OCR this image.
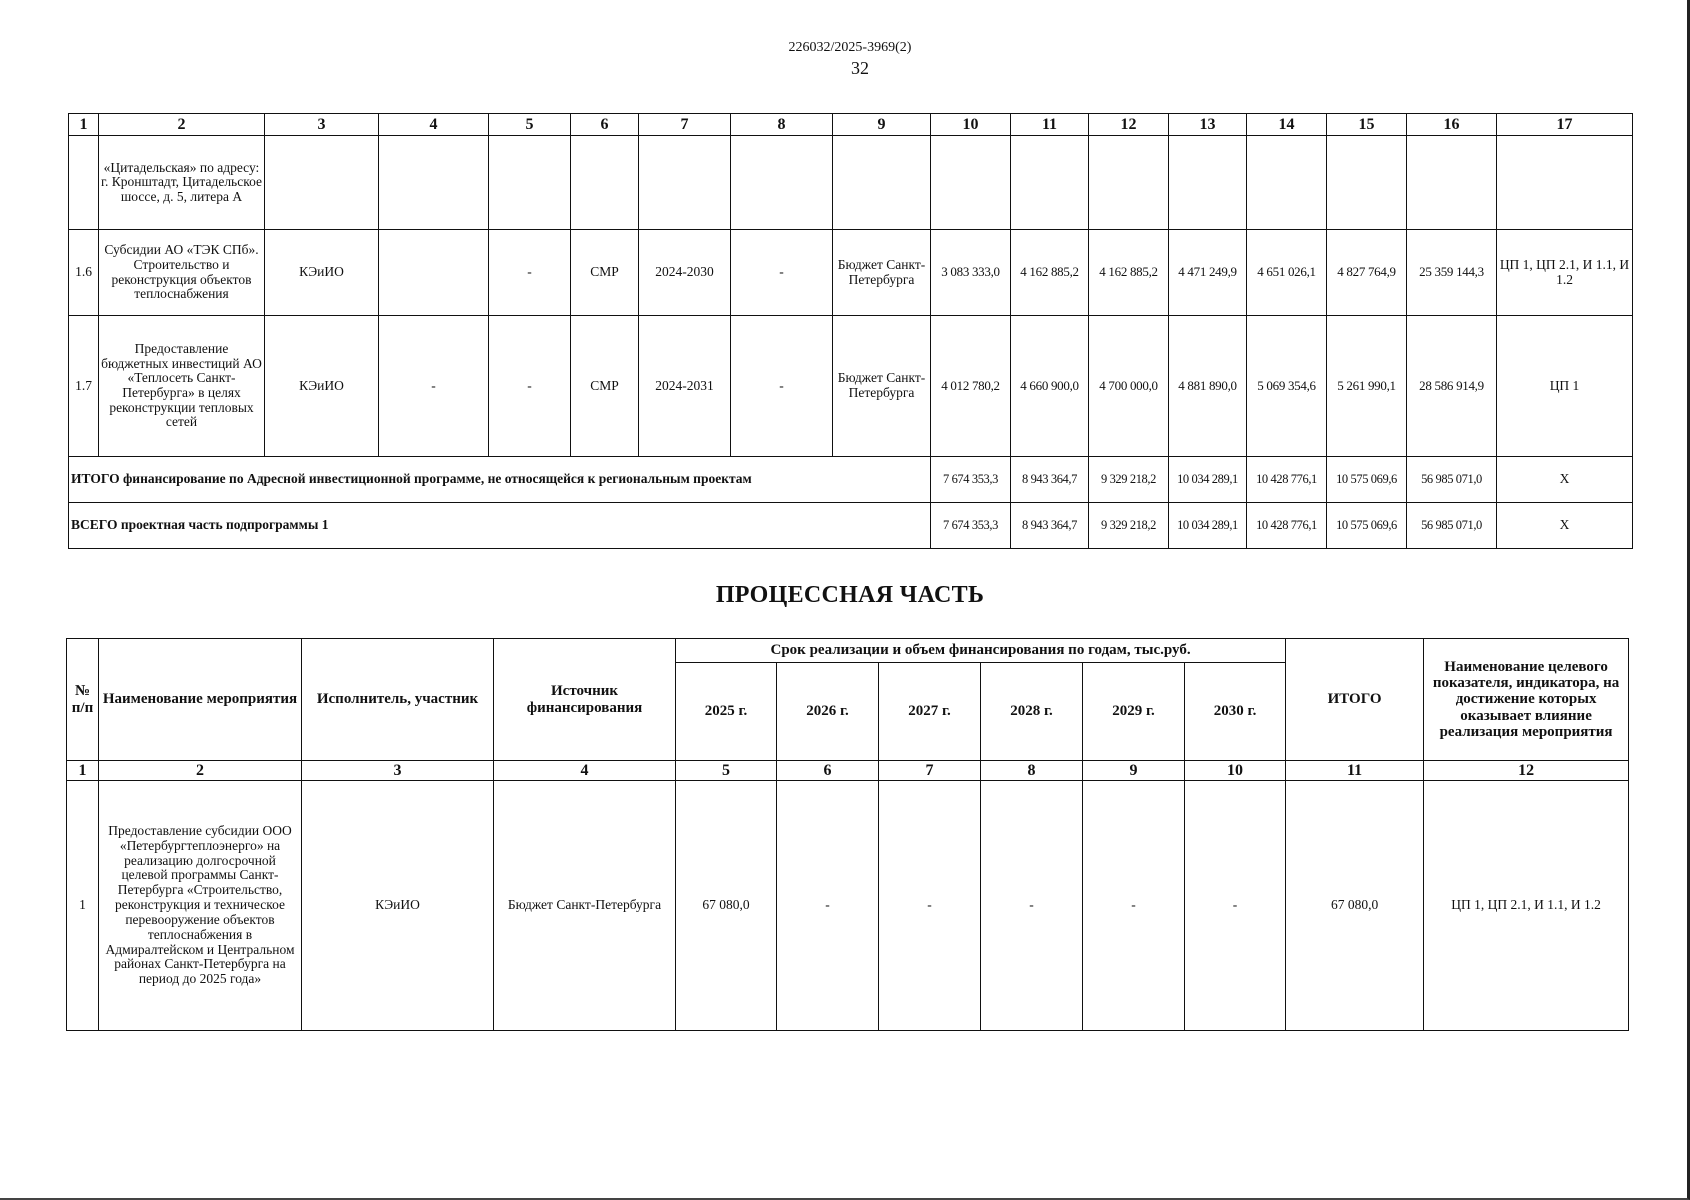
226032/2025-3969(2)
32
1	2	3	4	5	6	7	8	9	10	11	12	13	14	15	16	17
	«Цитадельская» по адресу: г. Кронштадт, Цитадельское шоссе, д. 5, литера А															
1.6	Субсидии АО «ТЭК СПб». Строительство и реконструкция объектов теплоснабжения	КЭиИО		-	СМР	2024-2030	-	Бюджет Санкт-Петербурга	3 083 333,0	4 162 885,2	4 162 885,2	4 471 249,9	4 651 026,1	4 827 764,9	25 359 144,3	ЦП 1, ЦП 2.1, И 1.1, И 1.2
1.7	Предоставление бюджетных инвестиций АО «Теплосеть Санкт-Петербурга» в целях реконструкции тепловых сетей	КЭиИО	-	-	СМР	2024-2031	-	Бюджет Санкт-Петербурга	4 012 780,2	4 660 900,0	4 700 000,0	4 881 890,0	5 069 354,6	5 261 990,1	28 586 914,9	ЦП 1
ИТОГО финансирование по Адресной инвестиционной программе, не относящейся к региональным проектам									7 674 353,3	8 943 364,7	9 329 218,2	10 034 289,1	10 428 776,1	10 575 069,6	56 985 071,0	Х
ВСЕГО проектная часть подпрограммы 1									7 674 353,3	8 943 364,7	9 329 218,2	10 034 289,1	10 428 776,1	10 575 069,6	56 985 071,0	Х
ПРОЦЕССНАЯ ЧАСТЬ
№ п/п	Наименование мероприятия	Исполнитель, участник	Источник финансирования	Срок реализации и объем финансирования по годам, тыс.руб.						ИТОГО	Наименование целевого показателя, индикатора, на достижение которых оказывает влияние реализация мероприятия
				2025 г.	2026 г.	2027 г.	2028 г.	2029 г.	2030 г.		
1	2	3	4	5	6	7	8	9	10	11	12
1	Предоставление субсидии ООО «Петербургтеплоэнерго» на реализацию долгосрочной целевой программы Санкт-Петербурга «Строительство, реконструкция и техническое перевооружение объектов теплоснабжения в Адмиралтейском и Центральном районах Санкт-Петербурга на период до 2025 года»	КЭиИО	Бюджет Санкт-Петербурга	67 080,0	-	-	-	-	-	67 080,0	ЦП 1, ЦП 2.1, И 1.1, И 1.2
